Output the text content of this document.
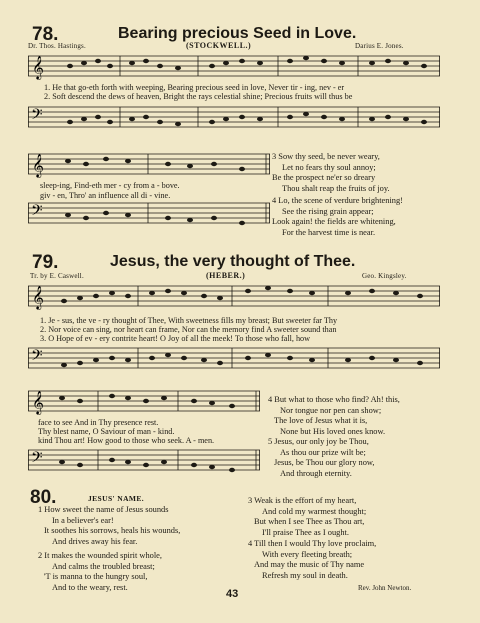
78.	Bearing precious Seed in Love.
Dr. Thos. Hastings.	(STOCKWELL.)	Darius E. Jones.
𝄞
1. He that go-eth forth with weeping, Bearing precious seed in love, Never tir - ing, nev - er
2. Soft descend the dews of heaven, Bright the rays celestial shine; Precious fruits will thus be
𝄢
𝄞
sleep-ing, Find-eth mer - cy from a - bove.
giv - en, Thro' an influence all di - vine.
𝄢
3 Sow thy seed, be never weary,
Let no fears thy soul annoy;
Be the prospect ne'er so dreary
Thou shalt reap the fruits of joy.
4 Lo, the scene of verdure brightening!
See the rising grain appear;
Look again! the fields are whitening,
For the harvest time is near.
79.	Jesus, the very thought of Thee.
Tr. by E. Caswell.	(HEBER.)	Geo. Kingsley.
𝄞
1. Je - sus, the ve - ry thought of Thee, With sweetness fills my breast; But sweeter far Thy
2. Nor voice can sing, nor heart can frame, Nor can the memory find A sweeter sound than
3. O Hope of ev - ery contrite heart! O Joy of all the meek! To those who fall, how
𝄢
𝄞
face to see And in Thy presence rest.
Thy blest name, O Saviour of man - kind.
kind Thou art! How good to those who seek. A - men.
𝄢
4 But what to those who find? Ah! this,
Nor tongue nor pen can show;
The love of Jesus what it is,
None but His loved ones know.
5 Jesus, our only joy be Thou,
As thou our prize wilt be;
Jesus, be Thou our glory now,
And through eternity.
80.	JESUS' NAME.
1 How sweet the name of Jesus sounds
In a believer's ear!
It soothes his sorrows, heals his wounds,
And drives away his fear.
2 It makes the wounded spirit whole,
And calms the troubled breast;
'T is manna to the hungry soul,
And to the weary, rest.
3 Weak is the effort of my heart,
And cold my warmest thought;
But when I see Thee as Thou art,
I'll praise Thee as I ought.
4 Till then I would Thy love proclaim,
With every fleeting breath;
And may the music of Thy name
Refresh my soul in death.
Rev. John Newton.
43
